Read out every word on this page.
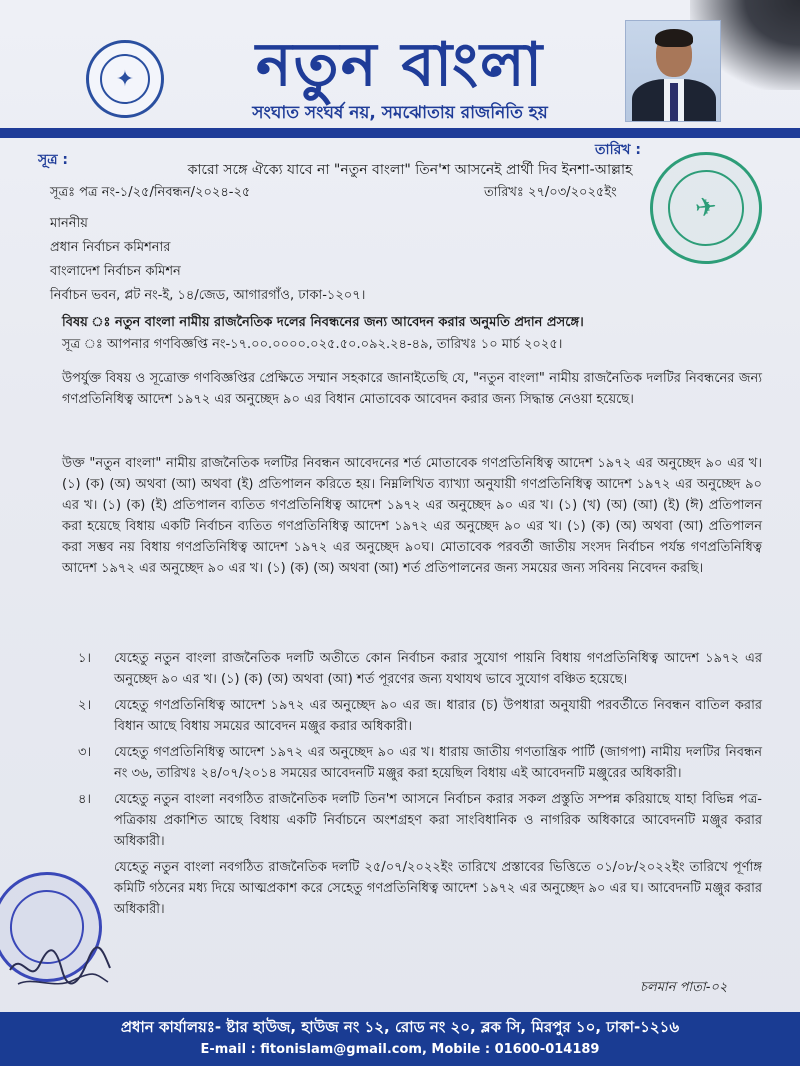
✦	নতুন বাংলা
সংঘাত সংঘর্ষ নয়, সমঝোতায় রাজনিতি হয়
সূত্র :
তারিখ :
কারো সঙ্গে ঐক্যে যাবে না "নতুন বাংলা" তিন'শ আসনেই প্রার্থী দিব ইনশা-আল্লাহ
সূত্রঃ পত্র নং-১/২৫/নিবন্ধন/২০২৪-২৫	তারিখঃ ২৭/০৩/২০২৫ইং	✈
মাননীয়
প্রধান নির্বাচন কমিশনার
বাংলাদেশ নির্বাচন কমিশন
নির্বাচন ভবন, প্লট নং-ই, ১৪/জেড, আগারগাঁও, ঢাকা-১২০৭।
বিষয় ঃ নতুন বাংলা নামীয় রাজনৈতিক দলের নিবন্ধনের জন্য আবেদন করার অনুমতি প্রদান প্রসঙ্গে।
সূত্র ঃ আপনার গণবিজ্ঞপ্তি নং-১৭.০০.০০০০.০২৫.৫০.০৯২.২৪-৪৯, তারিখঃ ১০ মার্চ ২০২৫।
উপর্যুক্ত বিষয় ও সূত্রোক্ত গণবিজ্ঞপ্তির প্রেক্ষিতে সম্মান সহকারে জানাইতেছি যে, "নতুন বাংলা" নামীয় রাজনৈতিক দলটির নিবন্ধনের জন্য গণপ্রতিনিধিত্ব আদেশ ১৯৭২ এর অনুচ্ছেদ ৯০ এর বিধান মোতাবেক আবেদন করার জন্য সিদ্ধান্ত নেওয়া হয়েছে।
উক্ত "নতুন বাংলা" নামীয় রাজনৈতিক দলটির নিবন্ধন আবেদনের শর্ত মোতাবেক গণপ্রতিনিধিত্ব আদেশ ১৯৭২ এর অনুচ্ছেদ ৯০ এর খ। (১) (ক) (অ) অথবা (আ) অথবা (ই) প্রতিপালন করিতে হয়। নিম্নলিখিত ব্যাখ্যা অনুযায়ী গণপ্রতিনিধিত্ব আদেশ ১৯৭২ এর অনুচ্ছেদ ৯০ এর খ। (১) (ক) (ই) প্রতিপালন ব্যতিত গণপ্রতিনিধিত্ব আদেশ ১৯৭২ এর অনুচ্ছেদ ৯০ এর খ। (১) (খ) (অ) (আ) (ই) (ঈ) প্রতিপালন করা হয়েছে বিধায় একটি নির্বাচন ব্যতিত গণপ্রতিনিধিত্ব আদেশ ১৯৭২ এর অনুচ্ছেদ ৯০ এর খ। (১) (ক) (অ) অথবা (আ) প্রতিপালন করা সম্ভব নয় বিধায় গণপ্রতিনিধিত্ব আদেশ ১৯৭২ এর অনুচ্ছেদ ৯০ঘ। মোতাবেক পরবর্তী জাতীয় সংসদ নির্বাচন পর্যন্ত গণপ্রতিনিধিত্ব আদেশ ১৯৭২ এর অনুচ্ছেদ ৯০ এর খ। (১) (ক) (অ) অথবা (আ) শর্ত প্রতিপালনের জন্য সময়ের জন্য সবিনয় নিবেদন করছি।
১।	যেহেতু নতুন বাংলা রাজনৈতিক দলটি অতীতে কোন নির্বাচন করার সুযোগ পায়নি বিধায় গণপ্রতিনিধিত্ব আদেশ ১৯৭২ এর অনুচ্ছেদ ৯০ এর খ। (১) (ক) (অ) অথবা (আ) শর্ত পূরণের জন্য যথাযথ ভাবে সুযোগ বঞ্চিত হয়েছে।
২।	যেহেতু গণপ্রতিনিধিত্ব আদেশ ১৯৭২ এর অনুচ্ছেদ ৯০ এর জ। ধারার (চ) উপধারা অনুযায়ী পরবর্তীতে নিবন্ধন বাতিল করার বিধান আছে বিধায় সময়ের আবেদন মঞ্জুর করার অধিকারী।
৩।	যেহেতু গণপ্রতিনিধিত্ব আদেশ ১৯৭২ এর অনুচ্ছেদ ৯০ এর খ। ধারায় জাতীয় গণতান্ত্রিক পার্টি (জাগপা) নামীয় দলটির নিবন্ধন নং ৩৬, তারিখঃ ২৪/০৭/২০১৪ সময়ের আবেদনটি মঞ্জুর করা হয়েছিল বিধায় এই আবেদনটি মঞ্জুরের অধিকারী।
৪।	যেহেতু নতুন বাংলা নবগঠিত রাজনৈতিক দলটি তিন'শ আসনে নির্বাচন করার সকল প্রস্তুতি সম্পন্ন করিয়াছে যাহা বিভিন্ন পত্র-পত্রিকায় প্রকাশিত আছে বিধায় একটি নির্বাচনে অংশগ্রহণ করা সাংবিধানিক ও নাগরিক অধিকারে আবেদনটি মঞ্জুর করার অধিকারী।
যেহেতু নতুন বাংলা নবগঠিত রাজনৈতিক দলটি ২৫/০৭/২০২২ইং তারিখে প্রস্তাবের ভিত্তিতে ০১/০৮/২০২২ইং তারিখে পূর্ণাঙ্গ কমিটি গঠনের মধ্য দিয়ে আত্মপ্রকাশ করে সেহেতু গণপ্রতিনিধিত্ব আদেশ ১৯৭২ এর অনুচ্ছেদ ৯০ এর ঘ। আবেদনটি মঞ্জুর করার অধিকারী।
চলমান পাতা-০২
প্রধান কার্যালয়ঃ- ষ্টার হাউজ, হাউজ নং ১২, রোড নং ২০, ব্লক সি, মিরপুর ১০, ঢাকা-১২১৬
E-mail : fitonislam@gmail.com, Mobile : 01600-014189
